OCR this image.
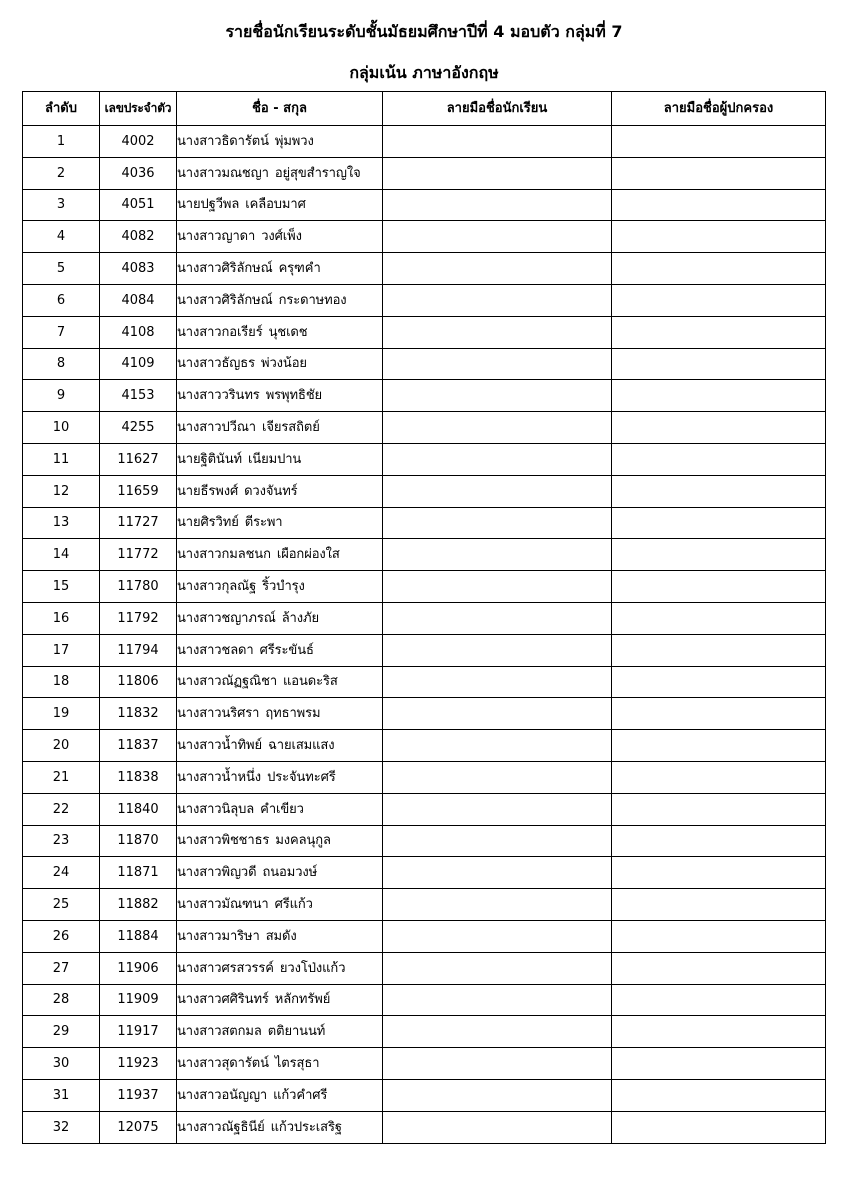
รายชื่อนักเรียนระดับชั้นมัธยมศึกษาปีที่ 4 มอบตัว กลุ่มที่ 7
กลุ่มเน้น ภาษาอังกฤษ
ลำดับ	เลขประจำตัว	ชื่อ - สกุล	ลายมือชื่อนักเรียน	ลายมือชื่อผู้ปกครอง
1	4002	นางสาวธิดารัตน์ พุ่มพวง		
2	4036	นางสาวมณชญา อยู่สุขสำราญใจ		
3	4051	นายปฐวีพล เคลือบมาศ		
4	4082	นางสาวญาดา วงศ์เพ็ง		
5	4083	นางสาวศิริลักษณ์ ครุฑคำ		
6	4084	นางสาวศิริลักษณ์ กระดาษทอง		
7	4108	นางสาวกอเรียร์ นุชเดช		
8	4109	นางสาวธัญธร พ่วงน้อย		
9	4153	นางสาววรินทร พรพุทธิชัย		
10	4255	นางสาวปวีณา เจียรสถิตย์		
11	11627	นายฐิตินันท์ เนียมปาน		
12	11659	นายธีรพงศ์ ดวงจันทร์		
13	11727	นายศิรวิทย์ ตีระพา		
14	11772	นางสาวกมลชนก เผือกผ่องใส		
15	11780	นางสาวกุลณัฐ ริ้วบำรุง		
16	11792	นางสาวชญาภรณ์ ล้างภัย		
17	11794	นางสาวชลดา ศรีระขันธ์		
18	11806	นางสาวณัฏฐณิชา แอนดะริส		
19	11832	นางสาวนริศรา ฤทธาพรม		
20	11837	นางสาวน้ำทิพย์ ฉายเสมแสง		
21	11838	นางสาวน้ำหนึ่ง ประจันทะศรี		
22	11840	นางสาวนิลุบล คำเขียว		
23	11870	นางสาวพิชชาธร มงคลนุกูล		
24	11871	นางสาวพิญวดี ถนอมวงษ์		
25	11882	นางสาวมัณฑนา ศรีแก้ว		
26	11884	นางสาวมาริษา สมดัง		
27	11906	นางสาวศรสวรรค์ ยวงโป่งแก้ว		
28	11909	นางสาวศศิรินทร์ หลักทรัพย์		
29	11917	นางสาวสตกมล ตติยานนท์		
30	11923	นางสาวสุดารัตน์ ไตรสุธา		
31	11937	นางสาวอนัญญา แก้วคำศรี		
32	12075	นางสาวณัฐธินีย์ แก้วประเสริฐ		
